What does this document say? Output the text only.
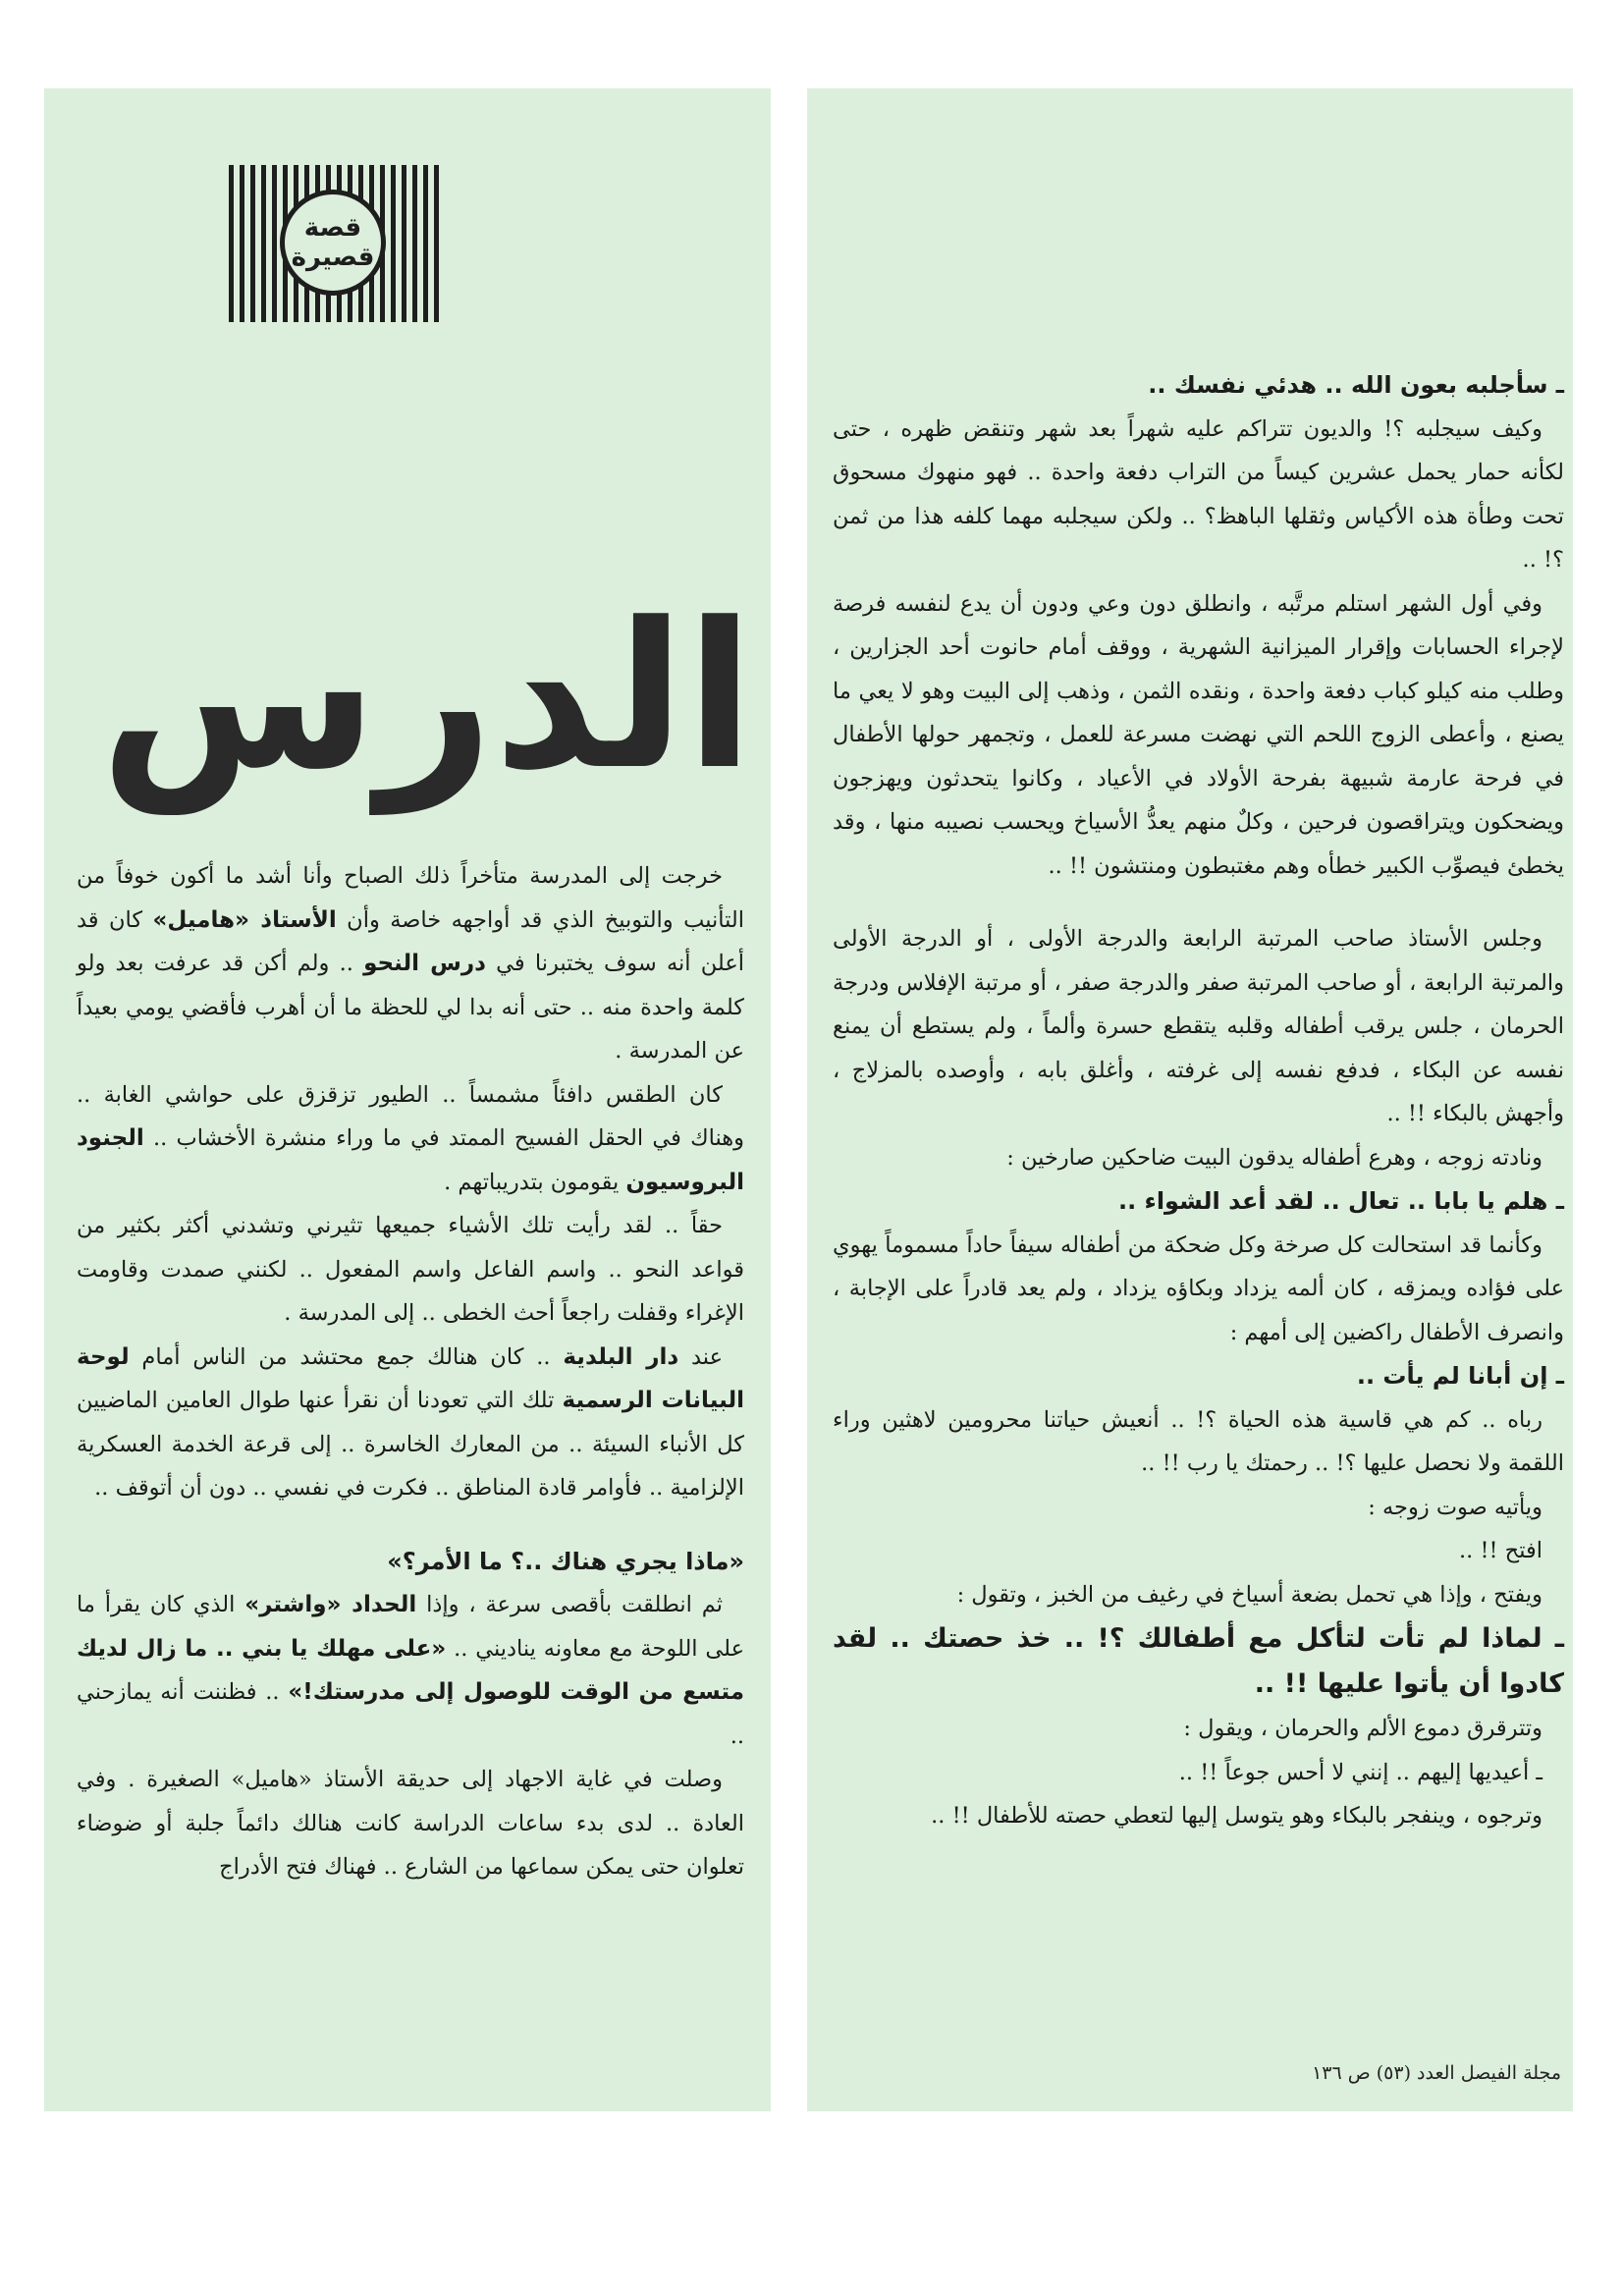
قصة
قصيرة
الدرس

خرجت إلى المدرسة متأخراً ذلك الصباح وأنا أشد ما أكون خوفاً من التأنيب والتوبيخ الذي قد أواجهه خاصة وأن الأستاذ «هاميل» كان قد أعلن أنه سوف يختبرنا في درس النحو .. ولم أكن قد عرفت بعد ولو كلمة واحدة منه .. حتى أنه بدا لي للحظة ما أن أهرب فأقضي يومي بعيداً عن المدرسة .

كان الطقس دافئاً مشمساً .. الطيور تزقزق على حواشي الغابة .. وهناك في الحقل الفسيح الممتد في ما وراء منشرة الأخشاب .. الجنود البروسيون يقومون بتدريباتهم .

حقاً .. لقد رأيت تلك الأشياء جميعها تثيرني وتشدني أكثر بكثير من قواعد النحو .. واسم الفاعل واسم المفعول .. لكنني صمدت وقاومت الإغراء وقفلت راجعاً أحث الخطى .. إلى المدرسة .

عند دار البلدية .. كان هنالك جمع محتشد من الناس أمام لوحة البيانات الرسمية تلك التي تعودنا أن نقرأ عنها طوال العامين الماضيين كل الأنباء السيئة .. من المعارك الخاسرة .. إلى قرعة الخدمة العسكرية الإلزامية .. فأوامر قادة المناطق .. فكرت في نفسي .. دون أن أتوقف ..

«ماذا يجري هناك ..؟ ما الأمر؟»

ثم انطلقت بأقصى سرعة ، وإذا الحداد «واشتر» الذي كان يقرأ ما على اللوحة مع معاونه يناديني .. «على مهلك يا بني .. ما زال لديك متسع من الوقت للوصول إلى مدرستك!» .. فظننت أنه يمازحني ..

وصلت في غاية الاجهاد إلى حديقة الأستاذ «هاميل» الصغيرة . وفي العادة .. لدى بدء ساعات الدراسة كانت هنالك دائماً جلبة أو ضوضاء تعلوان حتى يمكن سماعها من الشارع .. فهناك فتح الأدراج

ـ سأجلبه بعون الله .. هدئي نفسك ..

وكيف سيجلبه ؟! والديون تتراكم عليه شهراً بعد شهر وتنقض ظهره ، حتى لكأنه حمار يحمل عشرين كيساً من التراب دفعة واحدة .. فهو منهوك مسحوق تحت وطأة هذه الأكياس وثقلها الباهظ؟ .. ولكن سيجلبه مهما كلفه هذا من ثمن ؟! ..

وفي أول الشهر استلم مرتَّبه ، وانطلق دون وعي ودون أن يدع لنفسه فرصة لإجراء الحسابات وإقرار الميزانية الشهرية ، ووقف أمام حانوت أحد الجزارين ، وطلب منه كيلو كباب دفعة واحدة ، ونقده الثمن ، وذهب إلى البيت وهو لا يعي ما يصنع ، وأعطى الزوج اللحم التي نهضت مسرعة للعمل ، وتجمهر حولها الأطفال في فرحة عارمة شبيهة بفرحة الأولاد في الأعياد ، وكانوا يتحدثون ويهزجون ويضحكون ويتراقصون فرحين ، وكلٌ منهم يعدُّ الأسياخ ويحسب نصيبه منها ، وقد يخطئ فيصوِّب الكبير خطأه وهم مغتبطون ومنتشون !! ..

وجلس الأستاذ صاحب المرتبة الرابعة والدرجة الأولى ، أو الدرجة الأولى والمرتبة الرابعة ، أو صاحب المرتبة صفر والدرجة صفر ، أو مرتبة الإفلاس ودرجة الحرمان ، جلس يرقب أطفاله وقلبه يتقطع حسرة وألماً ، ولم يستطع أن يمنع نفسه عن البكاء ، فدفع نفسه إلى غرفته ، وأغلق بابه ، وأوصده بالمزلاج ، وأجهش بالبكاء !! ..

ونادته زوجه ، وهرع أطفاله يدقون البيت ضاحكين صارخين :

ـ هلم يا بابا .. تعال .. لقد أعد الشواء ..

وكأنما قد استحالت كل صرخة وكل ضحكة من أطفاله سيفاً حاداً مسموماً يهوي على فؤاده ويمزقه ، كان ألمه يزداد وبكاؤه يزداد ، ولم يعد قادراً على الإجابة ، وانصرف الأطفال راكضين إلى أمهم :

ـ إن أبانا لم يأت ..

رباه .. كم هي قاسية هذه الحياة ؟! .. أنعيش حياتنا محرومين لاهثين وراء اللقمة ولا نحصل عليها ؟! .. رحمتك يا رب !! ..

ويأتيه صوت زوجه :

افتح !! ..

ويفتح ، وإذا هي تحمل بضعة أسياخ في رغيف من الخبز ، وتقول :

ـ لماذا لم تأت لتأكل مع أطفالك ؟! .. خذ حصتك .. لقد كادوا أن يأتوا عليها !! ..

وتترقرق دموع الألم والحرمان ، ويقول :

ـ أعيديها إليهم .. إنني لا أحس جوعاً !! ..

وترجوه ، وينفجر بالبكاء وهو يتوسل إليها لتعطي حصته للأطفال !! ..

مجلة الفيصل العدد (٥٣) ص ١٣٦
